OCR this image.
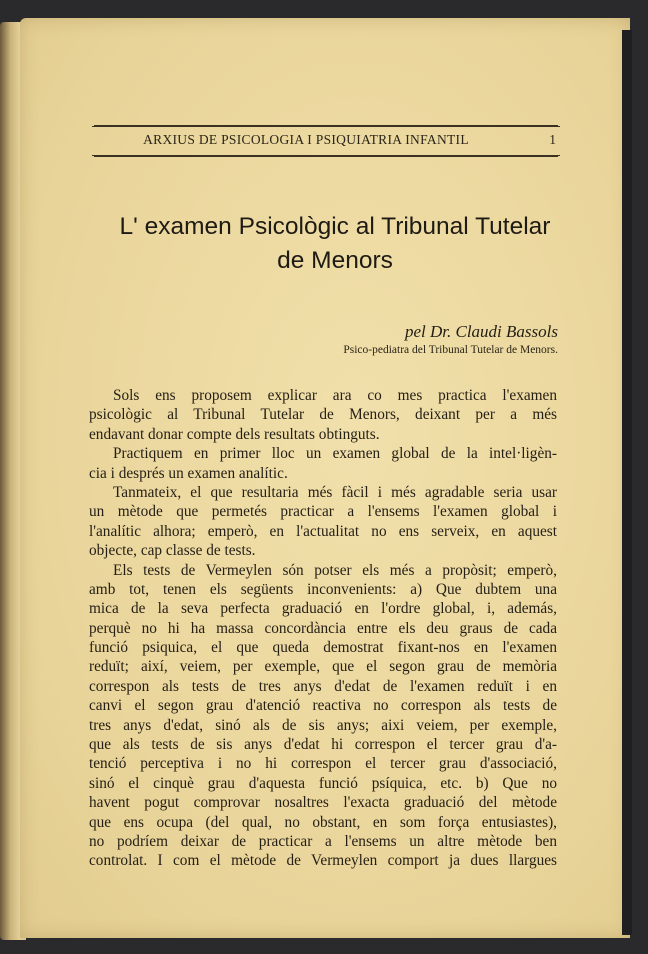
ARXIUS DE PSICOLOGIA I PSIQUIATRIA INFANTIL	1
L' examen Psicològic al Tribunal Tutelar
de Menors
pel Dr. Claudi Bassols
Psico-pediatra del Tribunal Tutelar de Menors.
Sols ens proposem explicar ara co mes practica l'examen
psicològic al Tribunal Tutelar de Menors, deixant per a més
endavant donar compte dels resultats obtinguts.
Practiquem en primer lloc un examen global de la intel·ligèn-
cia i després un examen analític.
Tanmateix, el que resultaria més fàcil i més agradable seria usar
un mètode que permetés practicar a l'ensems l'examen global i
l'analític alhora; emperò, en l'actualitat no ens serveix, en aquest
objecte, cap classe de tests.
Els tests de Vermeylen són potser els més a propòsit; emperò,
amb tot, tenen els següents inconvenients: a) Que dubtem una
mica de la seva perfecta graduació en l'ordre global, i, además,
perquè no hi ha massa concordància entre els deu graus de cada
funció psiquica, el que queda demostrat fixant-nos en l'examen
reduït; així, veiem, per exemple, que el segon grau de memòria
correspon als tests de tres anys d'edat de l'examen reduït i en
canvi el segon grau d'atenció reactiva no correspon als tests de
tres anys d'edat, sinó als de sis anys; aixi veiem, per exemple,
que als tests de sis anys d'edat hi correspon el tercer grau d'a-
tenció perceptiva i no hi correspon el tercer grau d'associació,
sinó el cinquè grau d'aquesta funció psíquica, etc. b) Que no
havent pogut comprovar nosaltres l'exacta graduació del mètode
que ens ocupa (del qual, no obstant, en som força entusiastes),
no podríem deixar de practicar a l'ensems un altre mètode ben
controlat. I com el mètode de Vermeylen comport ja dues llargues
